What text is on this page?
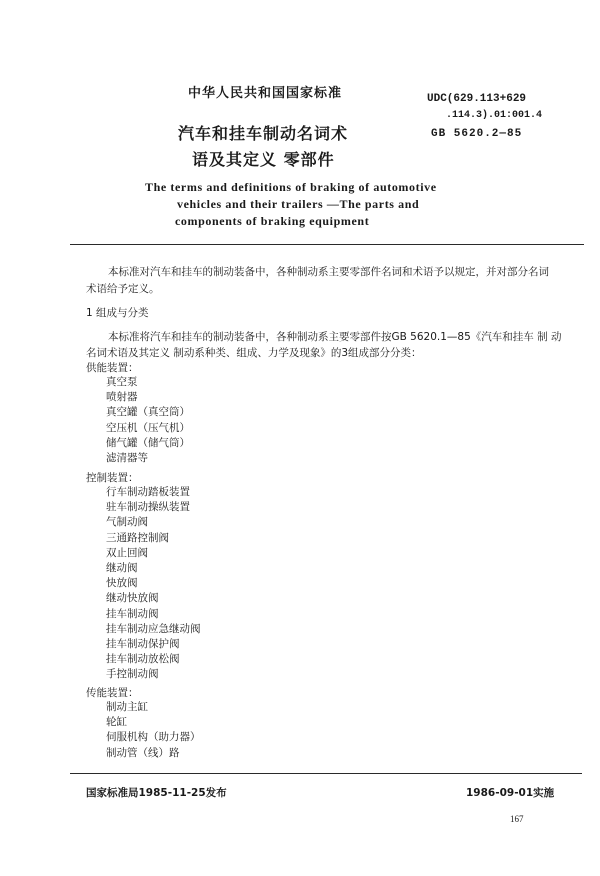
中华人民共和国国家标准	UDC(629.113+629
.114.3).01:001.4
GB 5620.2—85
汽车和挂车制动名词术
语及其定义 零部件
The terms and definitions of braking of automotive
vehicles and their trailers —The parts and
components of braking equipment
本标准对汽车和挂车的制动装备中，各种制动系主要零部件名词和术语予以规定，并对部分名词
术语给予定义。
1 组成与分类
本标准将汽车和挂车的制动装备中，各种制动系主要零部件按GB 5620.1—85《汽车和挂车 制 动
名词术语及其定义 制动系种类、组成、力学及现象》的3组成部分分类：
供能装置：
真空泵
喷射器
真空罐（真空筒）
空压机（压气机）
储气罐（储气筒）
滤清器等
控制装置：
行车制动踏板装置
驻车制动操纵装置
气制动阀
三通路控制阀
双止回阀
继动阀
快放阀
继动快放阀
挂车制动阀
挂车制动应急继动阀
挂车制动保护阀
挂车制动放松阀
手控制动阀
传能装置：
制动主缸
轮缸
伺服机构（助力器）
制动管（线）路
国家标准局1985-11-25发布	1986-09-01实施
167
